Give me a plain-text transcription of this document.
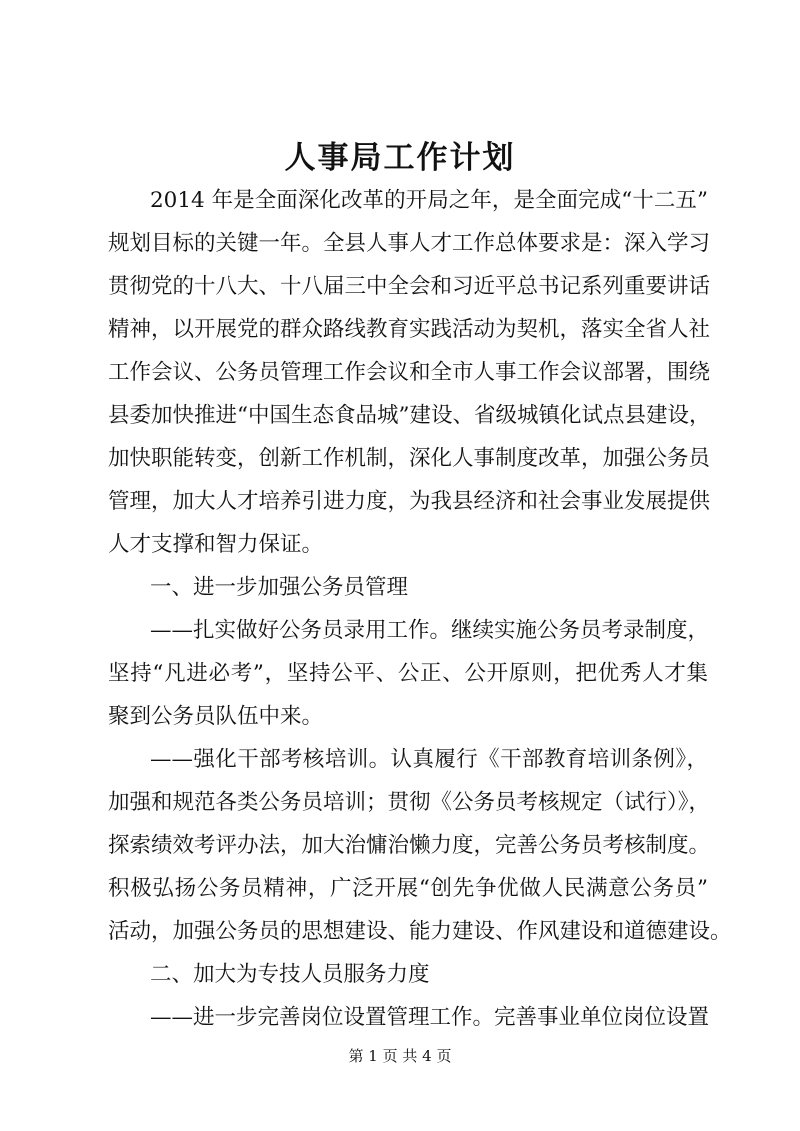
人事局工作计划
2014 年是全面深化改革的开局之年，是全面完成“十二五”
规划目标的关键一年。全县人事人才工作总体要求是：深入学习
贯彻党的十八大、十八届三中全会和习近平总书记系列重要讲话
精神，以开展党的群众路线教育实践活动为契机，落实全省人社
工作会议、公务员管理工作会议和全市人事工作会议部署，围绕
县委加快推进“中国生态食品城”建设、省级城镇化试点县建设，
加快职能转变，创新工作机制，深化人事制度改革，加强公务员
管理，加大人才培养引进力度，为我县经济和社会事业发展提供
人才支撑和智力保证。
一、进一步加强公务员管理
——扎实做好公务员录用工作。继续实施公务员考录制度，
坚持“凡进必考”，坚持公平、公正、公开原则，把优秀人才集
聚到公务员队伍中来。
——强化干部考核培训。认真履行《干部教育培训条例》，
加强和规范各类公务员培训；贯彻《公务员考核规定（试行）》，
探索绩效考评办法，加大治慵治懒力度，完善公务员考核制度。
积极弘扬公务员精神，广泛开展“创先争优做人民满意公务员”
活动，加强公务员的思想建设、能力建设、作风建设和道德建设。
二、加大为专技人员服务力度
——进一步完善岗位设置管理工作。完善事业单位岗位设置
第 1 页 共 4 页
